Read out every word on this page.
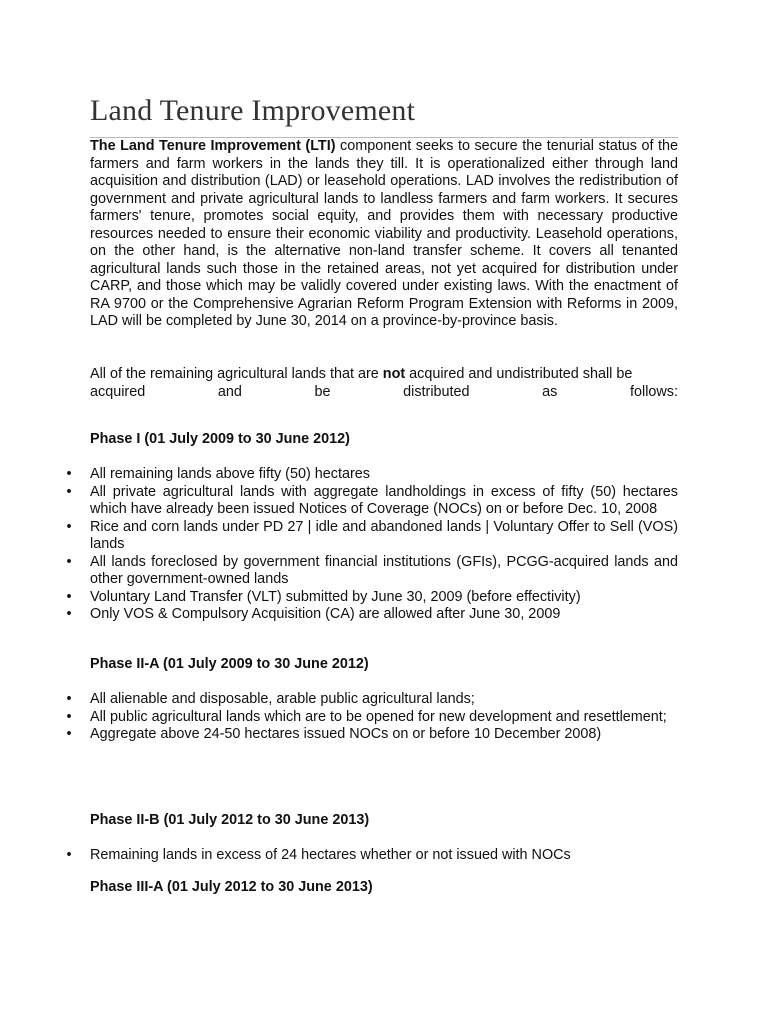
Land Tenure Improvement

The Land Tenure Improvement (LTI) component seeks to secure the tenurial status of the farmers and farm workers in the lands they till. It is operationalized either through land acquisition and distribution (LAD) or leasehold operations. LAD involves the redistribution of government and private agricultural lands to landless farmers and farm workers. It secures farmers' tenure, promotes social equity, and provides them with necessary productive resources needed to ensure their economic viability and productivity. Leasehold operations, on the other hand, is the alternative non-land transfer scheme. It covers all tenanted agricultural lands such those in the retained areas, not yet acquired for distribution under CARP, and those which may be validly covered under existing laws. With the enactment of RA 9700 or the Comprehensive Agrarian Reform Program Extension with Reforms in 2009, LAD will be completed by June 30, 2014 on a province-by-province basis.

All of the remaining agricultural lands that are not acquired and undistributed shall be
acquired and be distributed as follows:

Phase I (01 July 2009 to 30 June 2012)

• All remaining lands above fifty (50) hectares
• All private agricultural lands with aggregate landholdings in excess of fifty (50) hectares which have already been issued Notices of Coverage (NOCs) on or before Dec. 10, 2008
• Rice and corn lands under PD 27 | idle and abandoned lands | Voluntary Offer to Sell (VOS) lands
• All lands foreclosed by government financial institutions (GFIs), PCGG-acquired lands and other government-owned lands
• Voluntary Land Transfer (VLT) submitted by June 30, 2009 (before effectivity)
• Only VOS & Compulsory Acquisition (CA) are allowed after June 30, 2009

Phase II-A (01 July 2009 to 30 June 2012)

• All alienable and disposable, arable public agricultural lands;
• All public agricultural lands which are to be opened for new development and resettlement;
• Aggregate above 24-50 hectares issued NOCs on or before 10 December 2008)

Phase II-B (01 July 2012 to 30 June 2013)

• Remaining lands in excess of 24 hectares whether or not issued with NOCs

Phase III-A (01 July 2012 to 30 June 2013)
